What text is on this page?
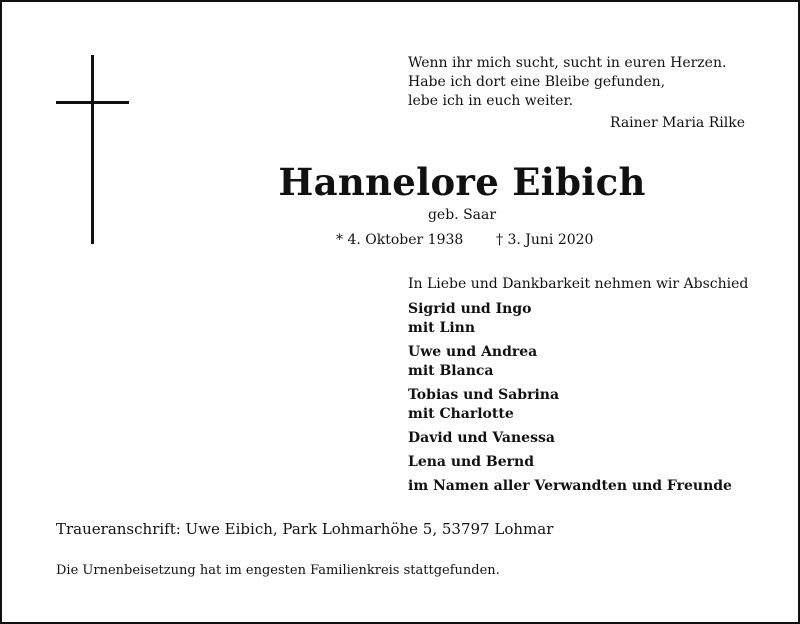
Wenn ihr mich sucht, sucht in euren Herzen.
Habe ich dort eine Bleibe gefunden,
lebe ich in euch weiter.
Rainer Maria Rilke
Hannelore Eibich
geb. Saar
* 4. Oktober 1938 † 3. Juni 2020
In Liebe und Dankbarkeit nehmen wir Abschied
Sigrid und Ingo
mit Linn
Uwe und Andrea
mit Blanca
Tobias und Sabrina
mit Charlotte
David und Vanessa
Lena und Bernd
im Namen aller Verwandten und Freunde
Traueranschrift: Uwe Eibich, Park Lohmarhöhe 5, 53797 Lohmar
Die Urnenbeisetzung hat im engesten Familienkreis stattgefunden.
